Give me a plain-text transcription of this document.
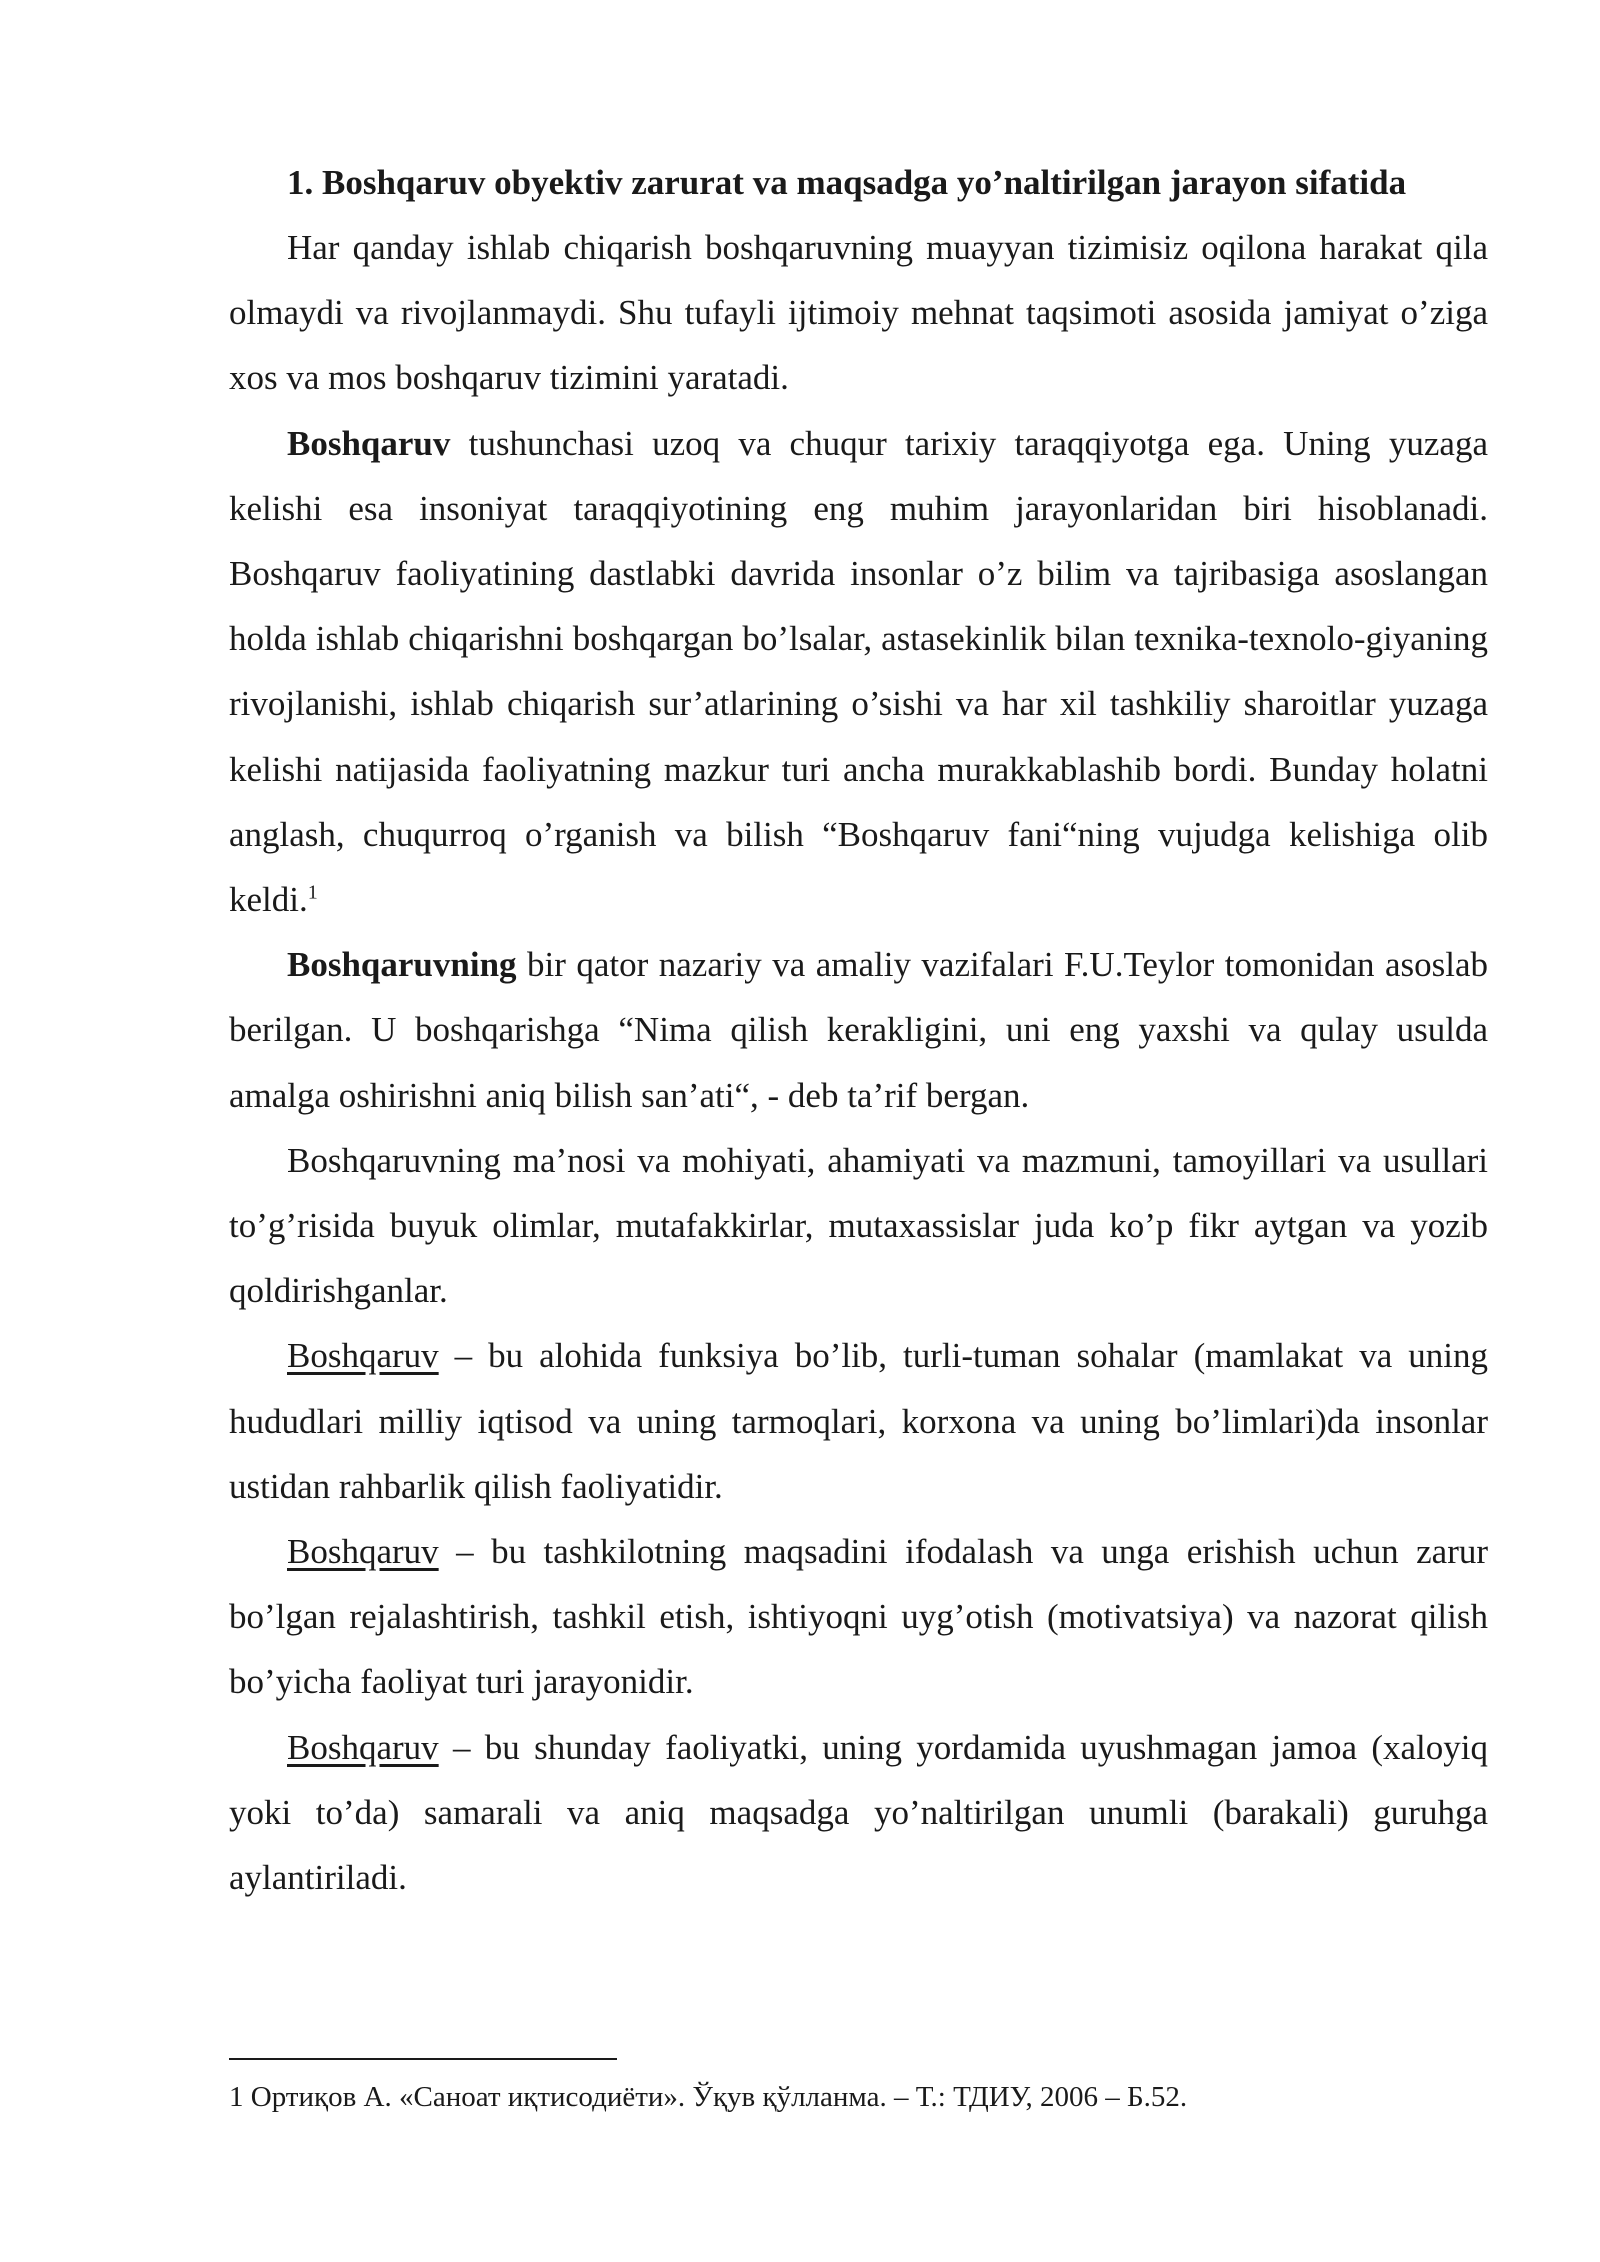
1. Boshqaruv obyektiv zarurat va maqsadga yo’naltirilgan jarayon sifatida

Har qanday ishlab chiqarish boshqaruvning muayyan tizimisiz oqilona harakat qila olmaydi va rivojlanmaydi. Shu tufayli ijtimoiy mehnat taqsimoti asosida jamiyat o’ziga xos va mos boshqaruv tizimini yaratadi.

Boshqaruv tushunchasi uzoq va chuqur tarixiy taraqqiyotga ega. Uning yuzaga kelishi esa insoniyat taraqqiyotining eng muhim jarayonlaridan biri hisoblanadi. Boshqaruv faoliyatining dastlabki davrida insonlar o’z bilim va tajribasiga asoslangan holda ishlab chiqarishni boshqargan bo’lsalar, astasekinlik bilan texnika-texnolo-giyaning rivojlanishi, ishlab chiqarish sur’atlarining o’sishi va har xil tashkiliy sharoitlar yuzaga kelishi natijasida faoliyatning mazkur turi ancha murakkablashib bordi. Bunday holatni anglash, chuqurroq o’rganish va bilish “Boshqaruv fani“ning vujudga kelishiga olib keldi.$^1$

Boshqaruvning bir qator nazariy va amaliy vazifalari F.U.Teylor tomonidan asoslab berilgan. U boshqarishga “Nima qilish kerakligini, uni eng yaxshi va qulay usulda amalga oshirishni aniq bilish san’ati“, - deb ta’rif bergan.

Boshqaruvning ma’nosi va mohiyati, ahamiyati va mazmuni, tamoyillari va usullari to’g’risida buyuk olimlar, mutafakkirlar, mutaxassislar juda ko’p fikr aytgan va yozib qoldirishganlar.

Boshqaruv – bu alohida funksiya bo’lib, turli-tuman sohalar (mamlakat va uning hududlari milliy iqtisod va uning tarmoqlari, korxona va uning bo’limlari)da insonlar ustidan rahbarlik qilish faoliyatidir.

Boshqaruv – bu tashkilotning maqsadini ifodalash va unga erishish uchun zarur bo’lgan rejalashtirish, tashkil etish, ishtiyoqni uyg’otish (motivatsiya) va nazorat qilish bo’yicha faoliyat turi jarayonidir.

Boshqaruv – bu shunday faoliyatki, uning yordamida uyushmagan jamoa (xaloyiq yoki to’da) samarali va aniq maqsadga yo’naltirilgan unumli (barakali) guruhga aylantiriladi.

1 Ортиқов А. «Саноат иқтисодиёти». Ўқув қўлланма. – Т.: ТДИУ, 2006 – Б.52.
